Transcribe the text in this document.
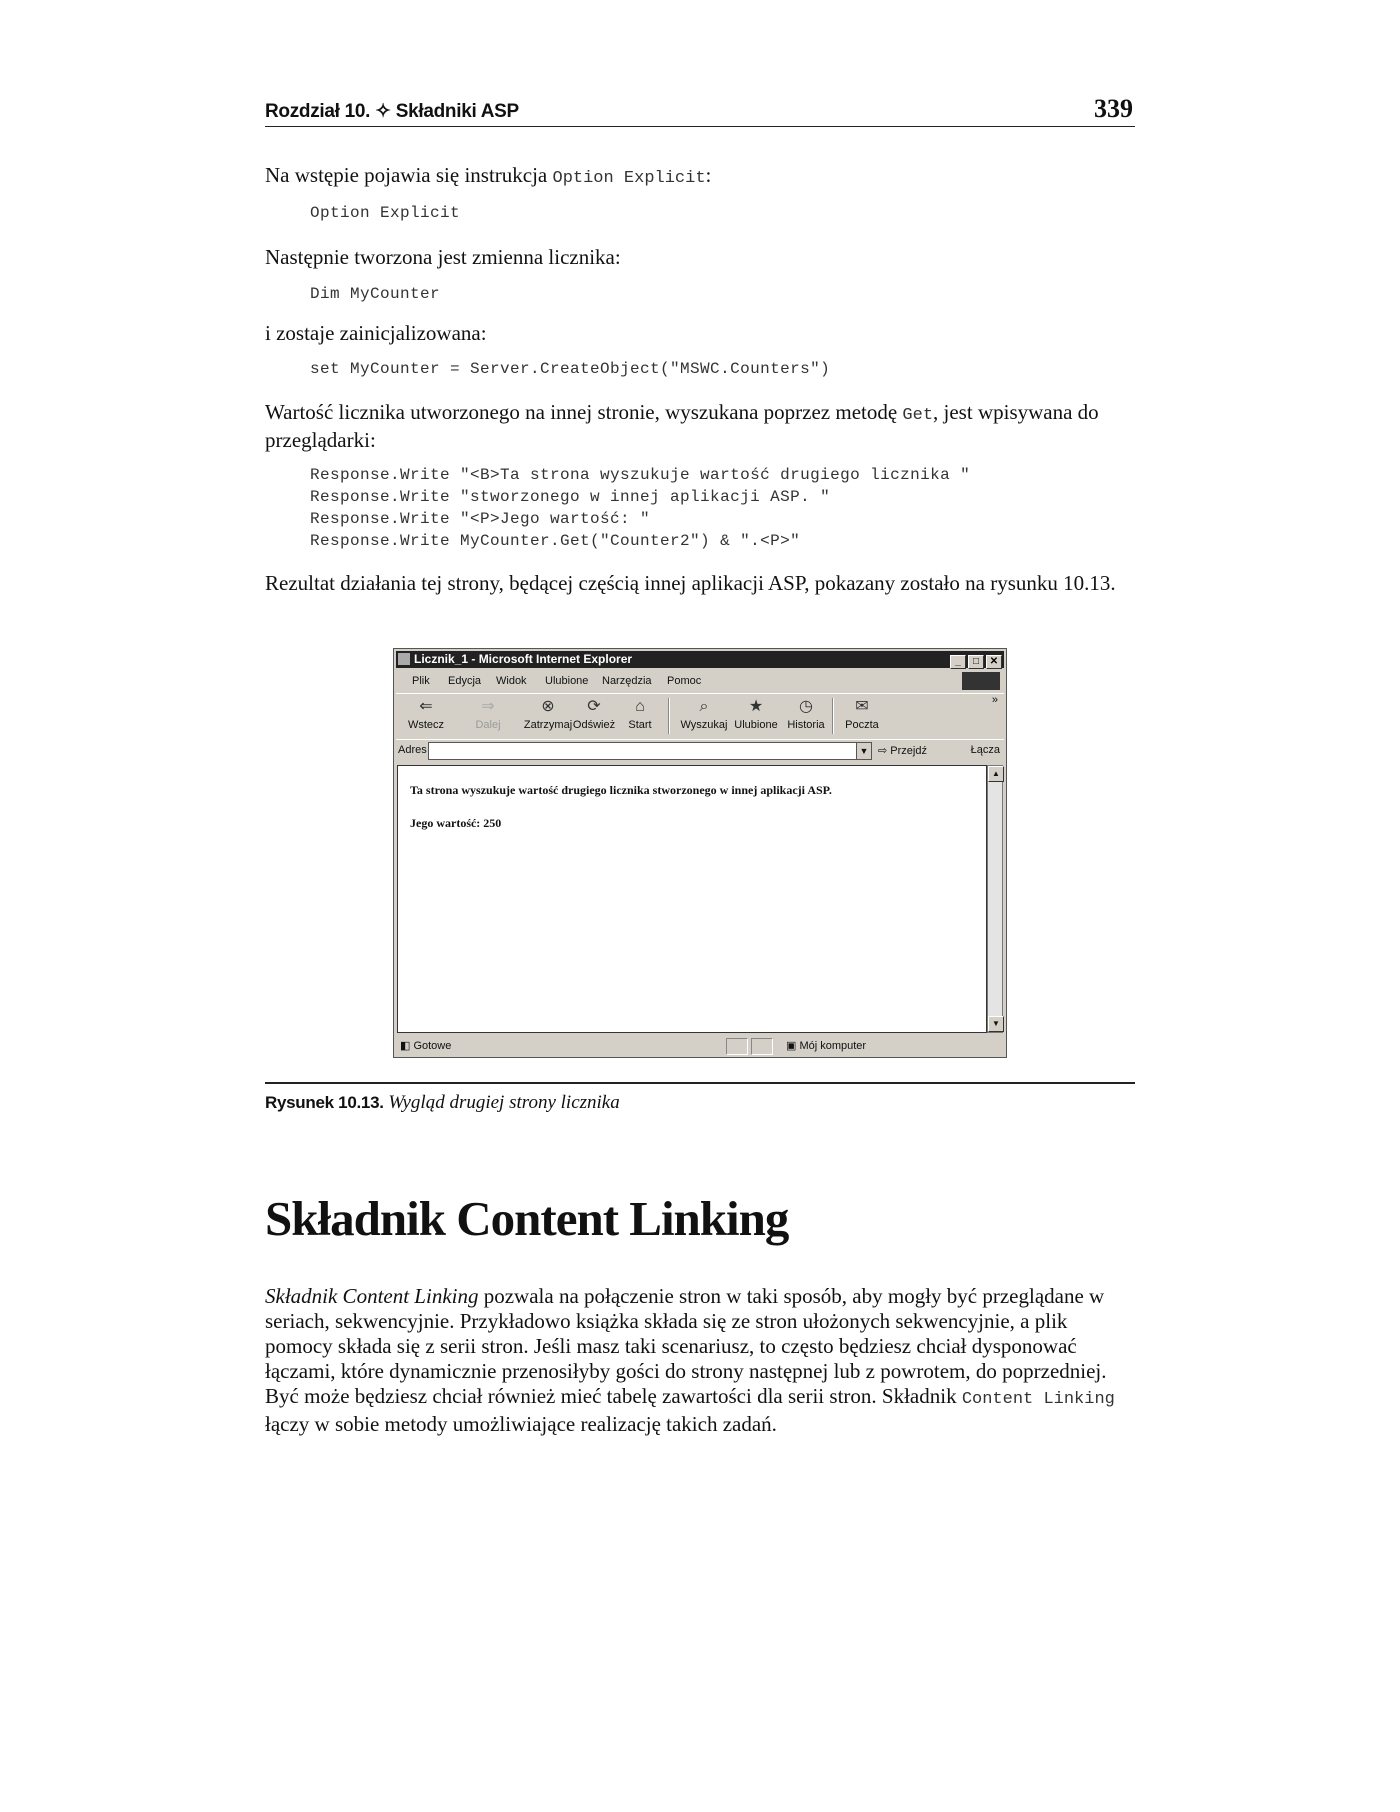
Rozdział 10. ✧ Składniki ASP	339
Na wstępie pojawia się instrukcja Option Explicit:
Option Explicit
Następnie tworzona jest zmienna licznika:
Dim MyCounter
i zostaje zainicjalizowana:
set MyCounter = Server.CreateObject("MSWC.Counters")
Wartość licznika utworzonego na innej stronie, wyszukana poprzez metodę Get, jest wpisywana do przeglądarki:
Response.Write "<B>Ta strona wyszukuje wartość drugiego licznika "
Response.Write "stworzonego w innej aplikacji ASP. "
Response.Write "<P>Jego wartość: "
Response.Write MyCounter.Get("Counter2") & ".<P>"
Rezultat działania tej strony, będącej częścią innej aplikacji ASP, pokazany zostało na rysunku 10.13.
Licznik_1 - Microsoft Internet Explorer	_ □ ✕
Plik Edycja Widok Ulubione Narzędzia Pomoc
⇐
Wstecz
⇒
Dalej
⊗
Zatrzymaj
⟳
Odśwież
⌂
Start
⌕
Wyszukaj
★
Ulubione
◷
Historia
✉
Poczta
»
Adres	▼ ⇨ Przejdź	Łącza
Ta strona wyszukuje wartość drugiego licznika stworzonego w innej aplikacji ASP.
Jego wartość: 250
▲
▼
◧ Gotowe	▣ Mój komputer
Rysunek 10.13. Wygląd drugiej strony licznika
Składnik Content Linking
Składnik Content Linking pozwala na połączenie stron w taki sposób, aby mogły być przeglądane w seriach, sekwencyjnie. Przykładowo książka składa się ze stron ułożonych sekwencyjnie, a plik pomocy składa się z serii stron. Jeśli masz taki scenariusz, to często będziesz chciał dysponować łączami, które dynamicznie przenosiłyby gości do strony następnej lub z powrotem, do poprzedniej. Być może będziesz chciał również mieć tabelę zawartości dla serii stron. Składnik Content Linking łączy w sobie metody umożliwiające realizację takich zadań.
